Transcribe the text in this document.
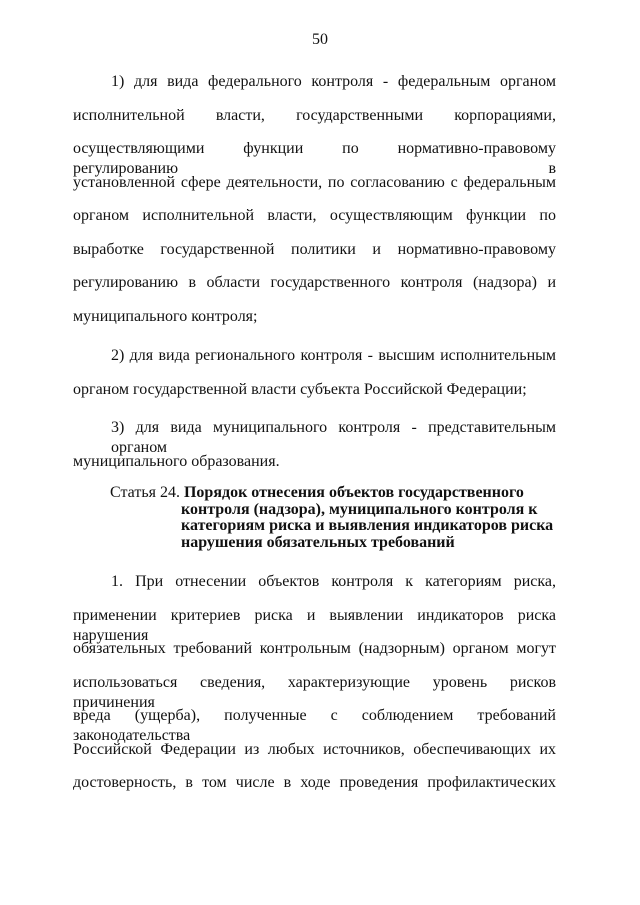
50
1) для вида федерального контроля - федеральным органом
исполнительной власти, государственными корпорациями,
осуществляющими функции по нормативно-правовому регулированию в
установленной сфере деятельности, по согласованию с федеральным
органом исполнительной власти, осуществляющим функции по
выработке государственной политики и нормативно-правовому
регулированию в области государственного контроля (надзора) и
муниципального контроля;
2) для вида регионального контроля - высшим исполнительным
органом государственной власти субъекта Российской Федерации;
3) для вида муниципального контроля - представительным органом
муниципального образования.
Статья 24. Порядок отнесения объектов государственного
контроля (надзора), муниципального контроля к
категориям риска и выявления индикаторов риска
нарушения обязательных требований
1. При отнесении объектов контроля к категориям риска,
применении критериев риска и выявлении индикаторов риска нарушения
обязательных требований контрольным (надзорным) органом могут
использоваться сведения, характеризующие уровень рисков причинения
вреда (ущерба), полученные с соблюдением требований законодательства
Российской Федерации из любых источников, обеспечивающих их
достоверность, в том числе в ходе проведения профилактических
